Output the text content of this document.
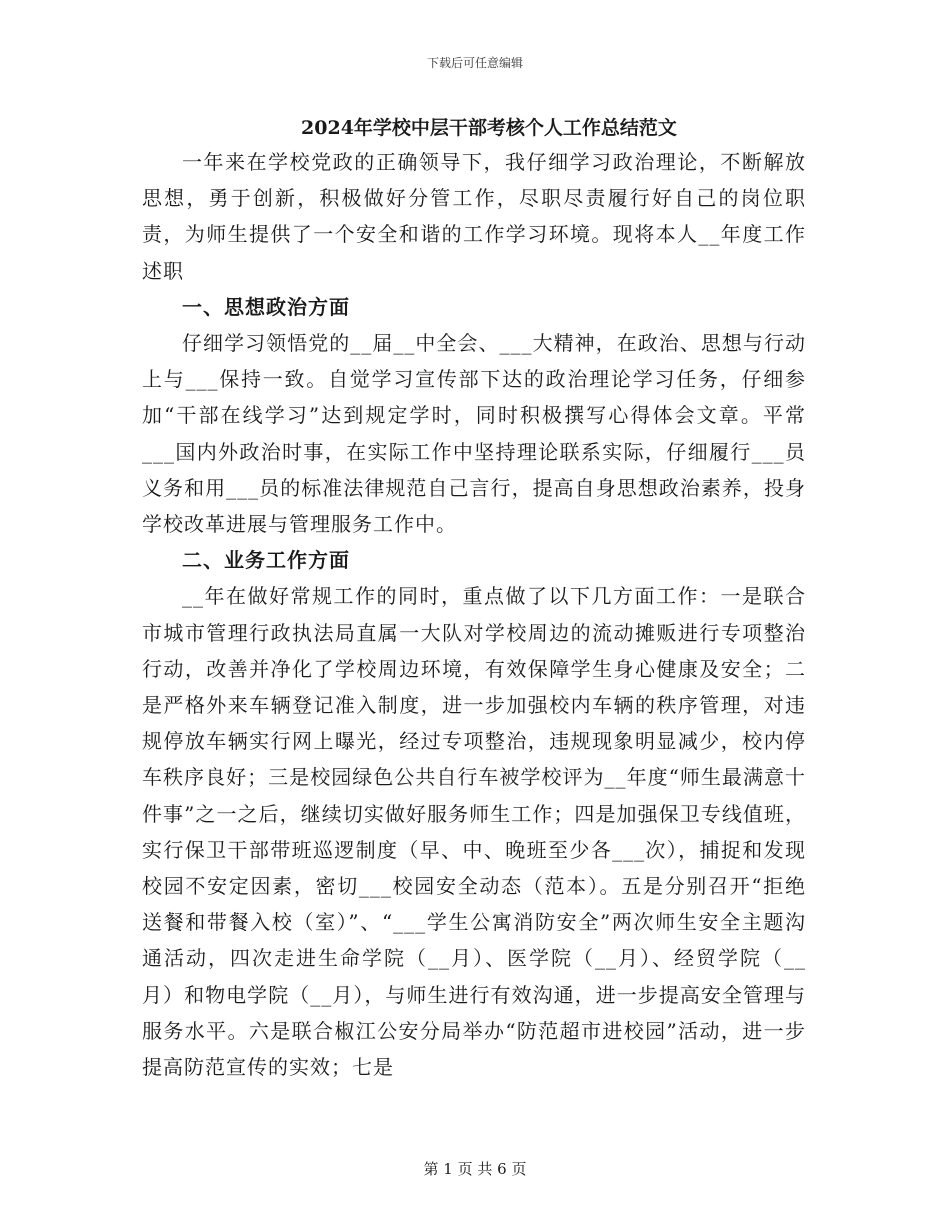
下载后可任意编辑
2024年学校中层干部考核个人工作总结范文

一年来在学校党政的正确领导下，我仔细学习政治理论，不断解放思想，勇于创新，积极做好分管工作，尽职尽责履行好自己的岗位职责，为师生提供了一个安全和谐的工作学习环境。现将本人__年度工作述职

一、思想政治方面

仔细学习领悟党的__届__中全会、___大精神，在政治、思想与行动上与___保持一致。自觉学习宣传部下达的政治理论学习任务，仔细参加“干部在线学习”达到规定学时，同时积极撰写心得体会文章。平常___国内外政治时事，在实际工作中坚持理论联系实际，仔细履行___员义务和用___员的标准法律规范自己言行，提高自身思想政治素养，投身学校改革进展与管理服务工作中。

二、业务工作方面

__年在做好常规工作的同时，重点做了以下几方面工作：一是联合市城市管理行政执法局直属一大队对学校周边的流动摊贩进行专项整治行动，改善并净化了学校周边环境，有效保障学生身心健康及安全；二是严格外来车辆登记准入制度，进一步加强校内车辆的秩序管理，对违规停放车辆实行网上曝光，经过专项整治，违规现象明显减少，校内停车秩序良好；三是校园绿色公共自行车被学校评为__年度“师生最满意十件事”之一之后，继续切实做好服务师生工作；四是加强保卫专线值班，实行保卫干部带班巡逻制度（早、中、晚班至少各___次），捕捉和发现校园不安定因素，密切___校园安全动态（范本）。五是分别召开“拒绝送餐和带餐入校（室）”、“___学生公寓消防安全”两次师生安全主题沟通活动，四次走进生命学院（__月）、医学院（__月）、经贸学院（__月）和物电学院（__月），与师生进行有效沟通，进一步提高安全管理与服务水平。六是联合椒江公安分局举办“防范超市进校园”活动，进一步提高防范宣传的实效；七是

第 1 页 共 6 页
